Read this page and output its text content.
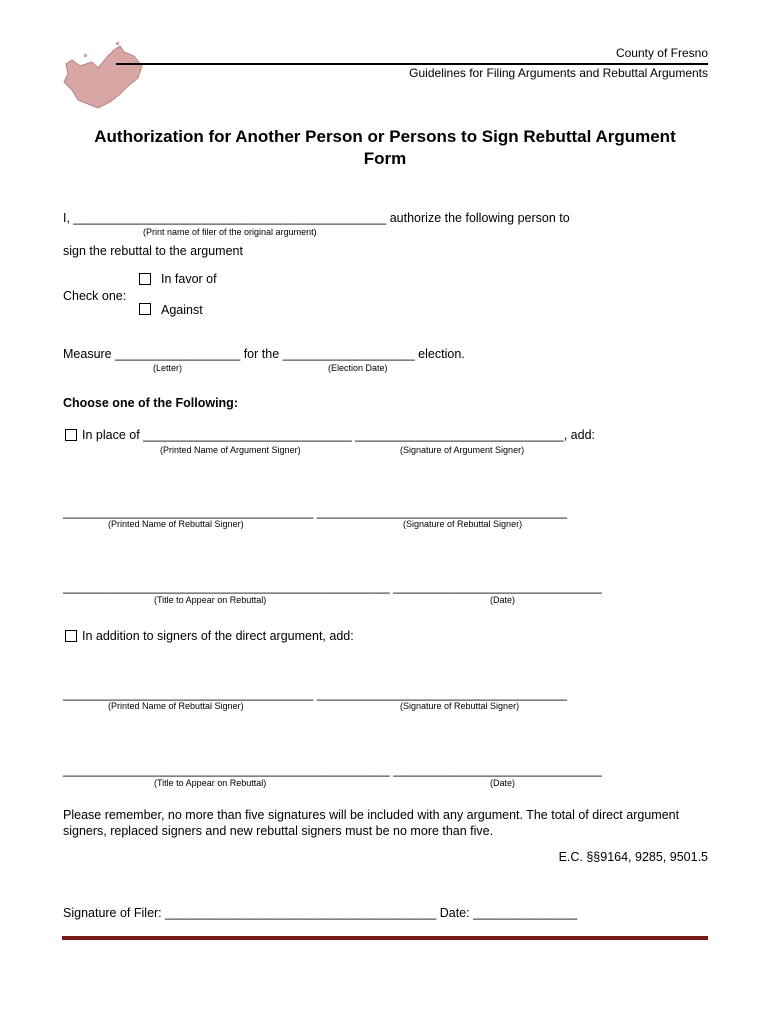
County of Fresno
Guidelines for Filing Arguments and Rebuttal Arguments
Authorization for Another Person or Persons to Sign Rebuttal Argument
Form
I, _____________________________________________ authorize the following person to
(Print name of filer of the original argument)
sign the rebuttal to the argument
In favor of
Check one:
Against
Measure __________________ for the ___________________ election.
(Letter)	(Election Date)
Choose one of the Following:
In place of ______________________________ ______________________________, add:
(Printed Name of Argument Signer)	(Signature of Argument Signer)
____________________________________ ____________________________________
(Printed Name of Rebuttal Signer)	(Signature of Rebuttal Signer)
_______________________________________________ ______________________________
(Title to Appear on Rebuttal)	(Date)
In addition to signers of the direct argument, add:
____________________________________ ____________________________________
(Printed Name of Rebuttal Signer)	(Signature of Rebuttal Signer)
_______________________________________________ ______________________________
(Title to Appear on Rebuttal)	(Date)
Please remember, no more than five signatures will be included with any argument. The total of direct argument
signers, replaced signers and new rebuttal signers must be no more than five.
E.C. §§9164, 9285, 9501.5
Signature of Filer: _______________________________________ Date: _______________
